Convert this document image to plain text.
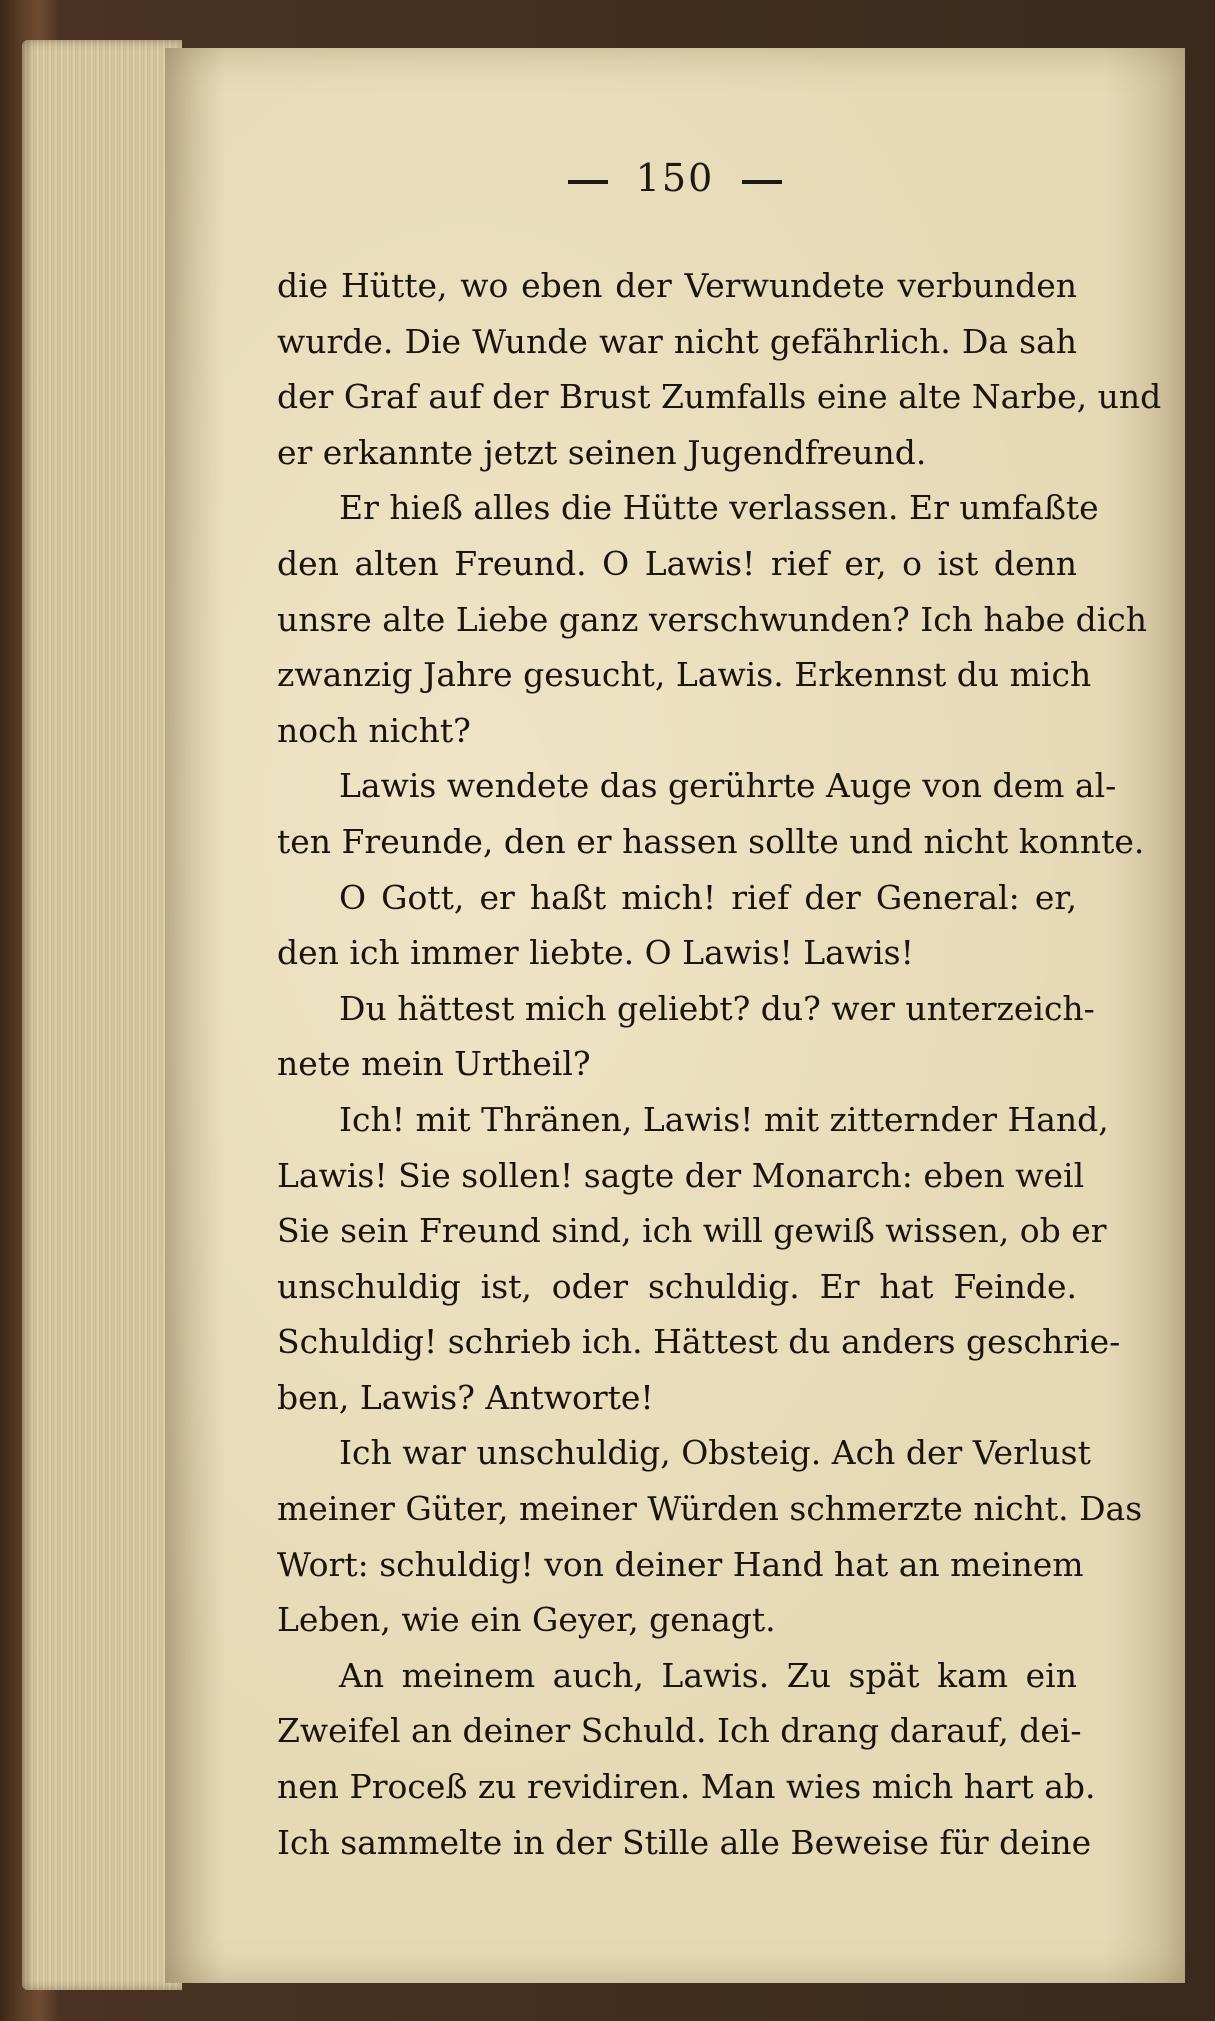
150
die Hütte, wo eben der Verwundete verbunden
wurde. Die Wunde war nicht gefährlich. Da sah
der Graf auf der Brust Zumfalls eine alte Narbe, und
er erkannte jetzt seinen Jugendfreund.
Er hieß alles die Hütte verlassen. Er umfaßte
den alten Freund. O Lawis! rief er, o ist denn
unsre alte Liebe ganz verschwunden? Ich habe dich
zwanzig Jahre gesucht, Lawis. Erkennst du mich
noch nicht?
Lawis wendete das gerührte Auge von dem al-
ten Freunde, den er hassen sollte und nicht konnte.
O Gott, er haßt mich! rief der General: er,
den ich immer liebte. O Lawis! Lawis!
Du hättest mich geliebt? du? wer unterzeich-
nete mein Urtheil?
Ich! mit Thränen, Lawis! mit zitternder Hand,
Lawis! Sie sollen! sagte der Monarch: eben weil
Sie sein Freund sind, ich will gewiß wissen, ob er
unschuldig ist, oder schuldig. Er hat Feinde.
Schuldig! schrieb ich. Hättest du anders geschrie-
ben, Lawis? Antworte!
Ich war unschuldig, Obsteig. Ach der Verlust
meiner Güter, meiner Würden schmerzte nicht. Das
Wort: schuldig! von deiner Hand hat an meinem
Leben, wie ein Geyer, genagt.
An meinem auch, Lawis. Zu spät kam ein
Zweifel an deiner Schuld. Ich drang darauf, dei-
nen Proceß zu revidiren. Man wies mich hart ab.
Ich sammelte in der Stille alle Beweise für deine
